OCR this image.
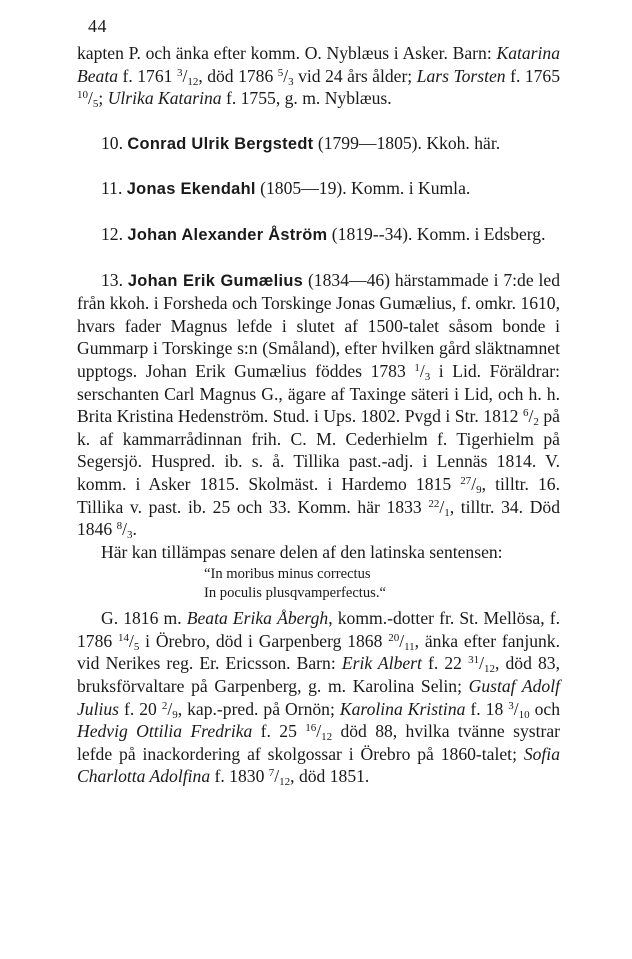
44

kapten P. och änka efter komm. O. Nyblæus i Asker. Barn: Katarina Beata f. 1761 $^3/_{12}$, död 1786 $^5/_3$ vid 24 års ålder; Lars Torsten f. 1765 $^{10}/_5$; Ulrika Katarina f. 1755, g. m. Nyblæus.

10. Conrad Ulrik Bergstedt (1799—1805). Kkoh. här.

11. Jonas Ekendahl (1805—19). Komm. i Kumla.

12. Johan Alexander Åström (1819--34). Komm. i Edsberg.

13. Johan Erik Gumælius (1834—46) härstammade i 7:de led från kkoh. i Forsheda och Torskinge Jonas Gumælius, f. omkr. 1610, hvars fader Magnus lefde i slutet af 1500-talet såsom bonde i Gummarp i Torskinge s:n (Småland), efter hvilken gård släktnamnet upptogs. Johan Erik Gumælius föddes 1783 $^1/_3$ i Lid. Föräldrar: serschanten Carl Magnus G., ägare af Taxinge säteri i Lid, och h. h. Brita Kristina Hedenström. Stud. i Ups. 1802. Pvgd i Str. 1812 $^6/_2$ på k. af kammarrådinnan frih. C. M. Cederhielm f. Tigerhielm på Segersjö. Huspred. ib. s. å. Tillika past.-adj. i Lennäs 1814. V. komm. i Asker 1815. Skolmäst. i Hardemo 1815 $^{27}/_9$, tilltr. 16. Tillika v. past. ib. 25 och 33. Komm. här 1833 $^{22}/_1$, tilltr. 34. Död 1846 $^8/_3$.

Här kan tillämpas senare delen af den latinska sentensen:

“In moribus minus correctus

In poculis plusqvamperfectus.“

G. 1816 m. Beata Erika Åbergh, komm.-dotter fr. St. Mellösa, f. 1786 $^{14}/_5$ i Örebro, död i Garpenberg 1868 $^{20}/_{11}$, änka efter fanjunk. vid Nerikes reg. Er. Ericsson. Barn: Erik Albert f. 22 $^{31}/_{12}$, död 83, bruksförvaltare på Garpenberg, g. m. Karolina Selin; Gustaf Adolf Julius f. 20 $^2/_9$, kap.-pred. på Ornön; Karolina Kristina f. 18 $^3/_{10}$ och Hedvig Ottilia Fredrika f. 25 $^{16}/_{12}$ död 88, hvilka tvänne systrar lefde på inackordering af skolgossar i Örebro på 1860-talet; Sofia Charlotta Adolfina f. 1830 $^7/_{12}$, död 1851.
